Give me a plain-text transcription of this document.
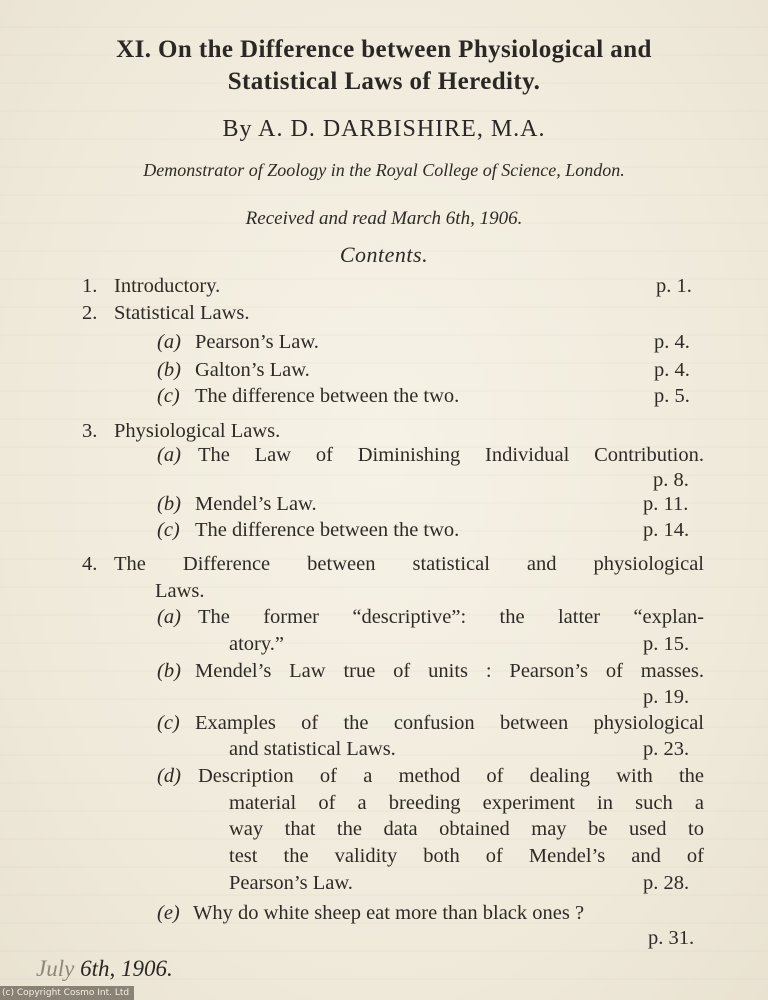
XI. On the Difference between Physiological and
Statistical Laws of Heredity.
By A. D. DARBISHIRE, M.A.
Demonstrator of Zoology in the Royal College of Science, London.
Received and read March 6th, 1906.
Contents.
1. Introductory.	p. 1.
2. Statistical Laws.
(a) Pearson’s Law.	p. 4.
(b) Galton’s Law.	p. 4.
(c) The difference between the two.	p. 5.
3. Physiological Laws.
(a) The Law of Diminishing Individual Contribution.
p. 8.
(b) Mendel’s Law.	p. 11.
(c) The difference between the two.	p. 14.
4. The Difference between statistical and physiological
Laws.
(a) The former “descriptive”: the latter “explan-
atory.”	p. 15.
(b) Mendel’s Law true of units : Pearson’s of masses.
p. 19.
(c) Examples of the confusion between physiological
and statistical Laws.	p. 23.
(d) Description of a method of dealing with the
material of a breeding experiment in such a
way that the data obtained may be used to
test the validity both of Mendel’s and of
Pearson’s Law.	p. 28.
(e) Why do white sheep eat more than black ones ?
p. 31.
July 6th, 1906.
(c) Copyright Cosmo Int. Ltd
